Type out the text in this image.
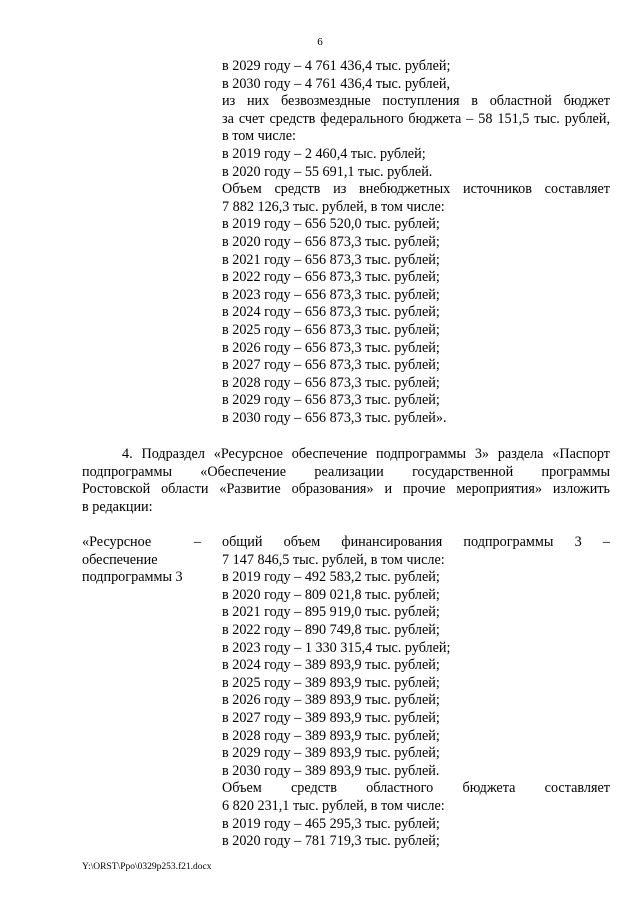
6
в 2029 году – 4 761 436,4 тыс. рублей;
в 2030 году – 4 761 436,4 тыс. рублей,
из них безвозмездные поступления в областной бюджет
за счет средств федерального бюджета – 58 151,5 тыс. рублей,
в том числе:
в 2019 году – 2 460,4 тыс. рублей;
в 2020 году – 55 691,1 тыс. рублей.
Объем средств из внебюджетных источников составляет
7 882 126,3 тыс. рублей, в том числе:
в 2019 году – 656 520,0 тыс. рублей;
в 2020 году – 656 873,3 тыс. рублей;
в 2021 году – 656 873,3 тыс. рублей;
в 2022 году – 656 873,3 тыс. рублей;
в 2023 году – 656 873,3 тыс. рублей;
в 2024 году – 656 873,3 тыс. рублей;
в 2025 году – 656 873,3 тыс. рублей;
в 2026 году – 656 873,3 тыс. рублей;
в 2027 году – 656 873,3 тыс. рублей;
в 2028 году – 656 873,3 тыс. рублей;
в 2029 году – 656 873,3 тыс. рублей;
в 2030 году – 656 873,3 тыс. рублей».
4. Подраздел «Ресурсное обеспечение подпрограммы 3» раздела «Паспорт
подпрограммы «Обеспечение реализации государственной программы
Ростовской области «Развитие образования» и прочие мероприятия» изложить
в редакции:
«Ресурсное
обеспечение
подпрограммы 3
– общий объем финансирования подпрограммы 3 –
7 147 846,5 тыс. рублей, в том числе:
в 2019 году – 492 583,2 тыс. рублей;
в 2020 году – 809 021,8 тыс. рублей;
в 2021 году – 895 919,0 тыс. рублей;
в 2022 году – 890 749,8 тыс. рублей;
в 2023 году – 1 330 315,4 тыс. рублей;
в 2024 году – 389 893,9 тыс. рублей;
в 2025 году – 389 893,9 тыс. рублей;
в 2026 году – 389 893,9 тыс. рублей;
в 2027 году – 389 893,9 тыс. рублей;
в 2028 году – 389 893,9 тыс. рублей;
в 2029 году – 389 893,9 тыс. рублей;
в 2030 году – 389 893,9 тыс. рублей.
Объем средств областного бюджета составляет
6 820 231,1 тыс. рублей, в том числе:
в 2019 году – 465 295,3 тыс. рублей;
в 2020 году – 781 719,3 тыс. рублей;
Y:\ORST\Ppo\0329p253.f21.docx
